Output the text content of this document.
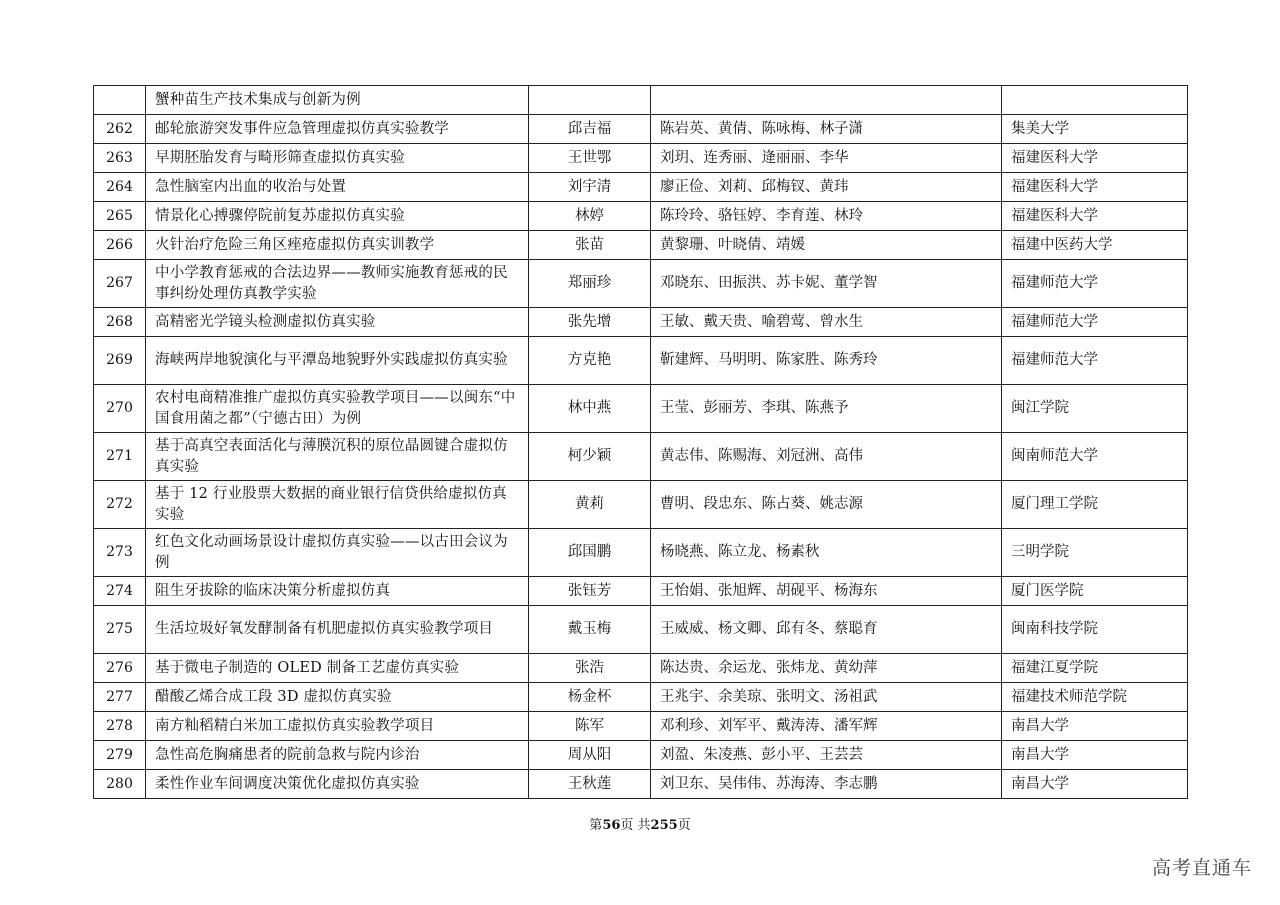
	蟹种苗生产技术集成与创新为例			
262	邮轮旅游突发事件应急管理虚拟仿真实验教学	邱吉福	陈岩英、黄倩、陈咏梅、林子潇	集美大学
263	早期胚胎发育与畸形筛查虚拟仿真实验	王世鄂	刘玥、连秀丽、逄丽丽、李华	福建医科大学
264	急性脑室内出血的收治与处置	刘宇清	廖正俭、刘莉、邱梅钗、黄玮	福建医科大学
265	情景化心搏骤停院前复苏虚拟仿真实验	林婷	陈玲玲、骆钰婷、李育莲、林玲	福建医科大学
266	火针治疗危险三角区痤疮虚拟仿真实训教学	张苗	黄黎珊、叶晓倩、靖媛	福建中医药大学
267	中小学教育惩戒的合法边界——教师实施教育惩戒的民事纠纷处理仿真教学实验	郑丽珍	邓晓东、田振洪、苏卡妮、董学智	福建师范大学
268	高精密光学镜头检测虚拟仿真实验	张先增	王敏、戴天贵、喻碧莺、曾水生	福建师范大学
269	海峡两岸地貌演化与平潭岛地貌野外实践虚拟仿真实验	方克艳	靳建辉、马明明、陈家胜、陈秀玲	福建师范大学
270	农村电商精准推广虚拟仿真实验教学项目——以闽东“中国食用菌之都”（宁德古田）为例	林中燕	王莹、彭丽芳、李琪、陈燕予	闽江学院
271	基于高真空表面活化与薄膜沉积的原位晶圆键合虚拟仿真实验	柯少颖	黄志伟、陈赐海、刘冠洲、高伟	闽南师范大学
272	基于 12 行业股票大数据的商业银行信贷供给虚拟仿真实验	黄莉	曹明、段忠东、陈占葵、姚志源	厦门理工学院
273	红色文化动画场景设计虚拟仿真实验——以古田会议为例	邱国鹏	杨晓燕、陈立龙、杨素秋	三明学院
274	阻生牙拔除的临床决策分析虚拟仿真	张钰芳	王怡娟、张旭辉、胡砚平、杨海东	厦门医学院
275	生活垃圾好氧发酵制备有机肥虚拟仿真实验教学项目	戴玉梅	王威威、杨文卿、邱有冬、蔡聪育	闽南科技学院
276	基于微电子制造的 OLED 制备工艺虚仿真实验	张浩	陈达贵、余运龙、张炜龙、黄幼萍	福建江夏学院
277	醋酸乙烯合成工段 3D 虚拟仿真实验	杨金杯	王兆宇、余美琼、张明文、汤祖武	福建技术师范学院
278	南方籼稻精白米加工虚拟仿真实验教学项目	陈军	邓利珍、刘军平、戴涛涛、潘军辉	南昌大学
279	急性高危胸痛患者的院前急救与院内诊治	周从阳	刘盈、朱凌燕、彭小平、王芸芸	南昌大学
280	柔性作业车间调度决策优化虚拟仿真实验	王秋莲	刘卫东、吴伟伟、苏海涛、李志鹏	南昌大学
第56页 共255页
高考直通车
